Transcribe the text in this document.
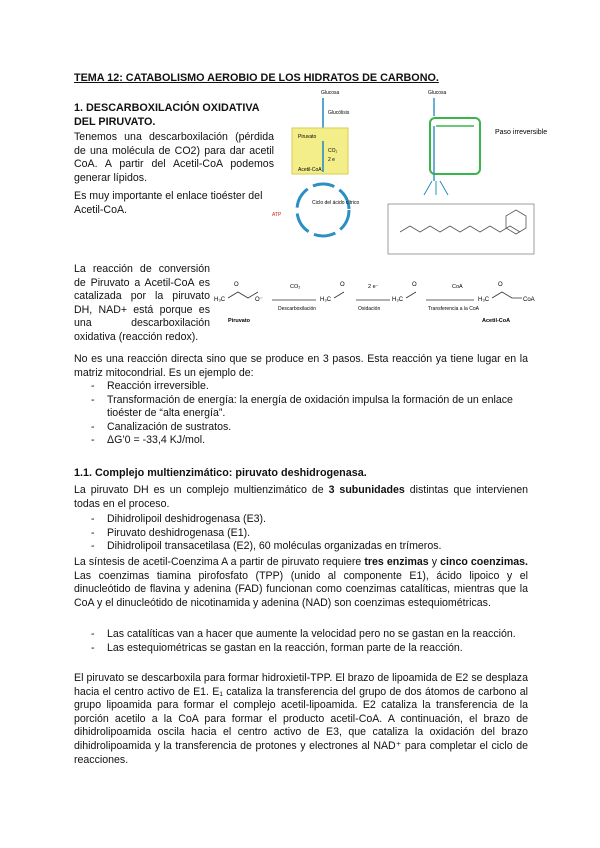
TEMA 12: CATABOLISMO AEROBIO DE LOS HIDRATOS DE CARBONO.
1. DESCARBOXILACIÓN OXIDATIVA DEL PIRUVATO.
Tenemos una descarboxilación (pérdida de una molécula de CO2) para dar acetil CoA. A partir del Acetil-CoA podemos generar lípidos.
Es muy importante el enlace tioéster del Acetil-CoA.
Glucosa
Glucólisis
Piruvato
CO₂
2 e
Acetil-CoA
Ciclo del ácido cítrico
ATP
Glucosa
Paso irreversible
La reacción de conversión de Piruvato a Acetil-CoA es catalizada por la piruvato DH, NAD+ está porque es una descarboxilación oxidativa (reacción redox).
H₃C	O⁻
O
Piruvato
CO₂
Descarboxilación
H₃C
O	2 e⁻
Oxidación
H₃C
O	CoA
Transferencia a la CoA
H₃C
O
CoA
Acetil-CoA
No es una reacción directa sino que se produce en 3 pasos. Esta reacción ya tiene lugar en la matriz mitocondrial. Es un ejemplo de:
- Reacción irreversible.
- Transformación de energía: la energía de oxidación impulsa la formación de un enlace tioéster de “alta energía”.
- Canalización de sustratos.
- ΔG’0 = -33,4 KJ/mol.
1.1. Complejo multienzimático: piruvato deshidrogenasa.
La piruvato DH es un complejo multienzimático de 3 subunidades distintas que intervienen todas en el proceso.
- Dihidrolipoil deshidrogenasa (E3).
- Piruvato deshidrogenasa (E1).
- Dihidrolipoil transacetilasa (E2), 60 moléculas organizadas en trímeros.
La síntesis de acetil-Coenzima A a partir de piruvato requiere tres enzimas y cinco coenzimas. Las coenzimas tiamina pirofosfato (TPP) (unido al componente E1), ácido lipoico y el dinucleótido de flavina y adenina (FAD) funcionan como coenzimas catalíticas, mientras que la CoA y el dinucleótido de nicotinamida y adenina (NAD) son coenzimas estequiométricas.
- Las catalíticas van a hacer que aumente la velocidad pero no se gastan en la reacción.
- Las estequiométricas se gastan en la reacción, forman parte de la reacción.
El piruvato se descarboxila para formar hidroxietil-TPP. El brazo de lipoamida de E2 se desplaza hacia el centro activo de E1. E₁ cataliza la transferencia del grupo de dos átomos de carbono al grupo lipoamida para formar el complejo acetil-lipoamida. E2 cataliza la transferencia de la porción acetilo a la CoA para formar el producto acetil-CoA. A continuación, el brazo de dihidrolipoamida oscila hacia el centro activo de E3, que cataliza la oxidación del brazo dihidrolipoamida y la transferencia de protones y electrones al NAD⁺ para completar el ciclo de reacciones.
